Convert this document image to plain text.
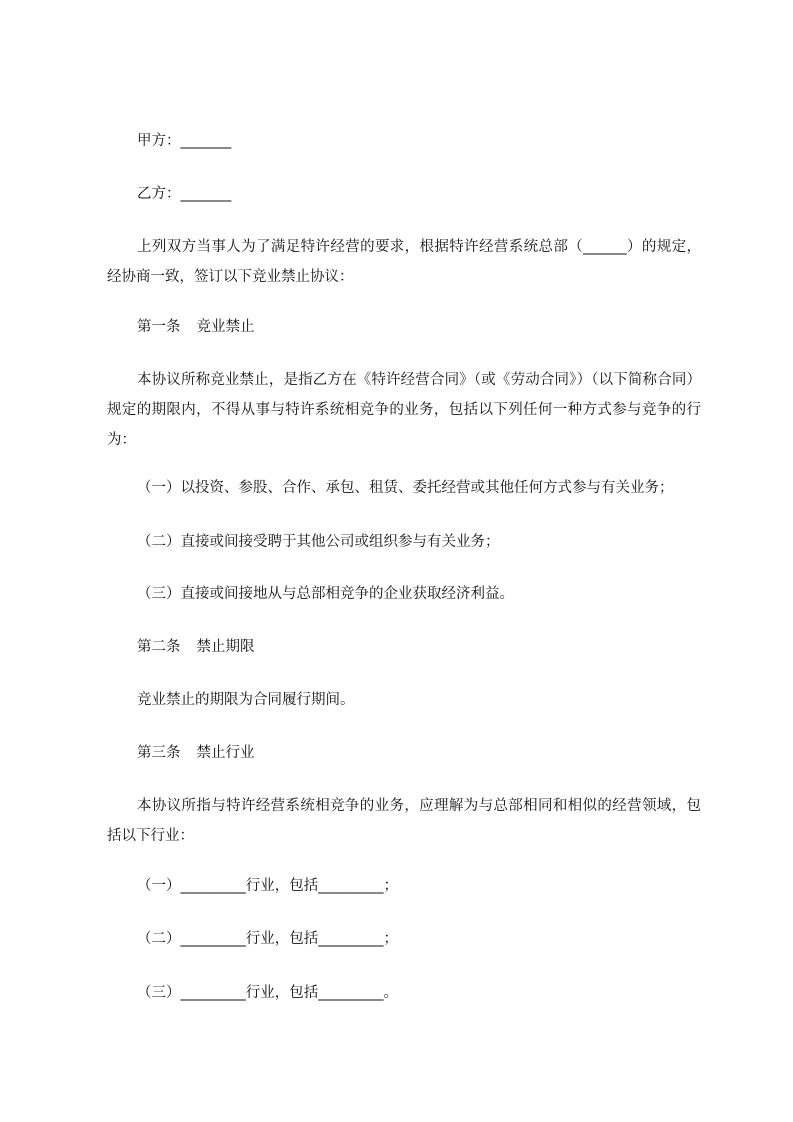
甲方：_______
乙方：_______
上列双方当事人为了满足特许经营的要求，根据特许经营系统总部（______）的规定，经协商一致，签订以下竞业禁止协议：
第一条 竞业禁止
本协议所称竞业禁止，是指乙方在《特许经营合同》（或《劳动合同》）（以下简称合同）规定的期限内，不得从事与特许系统相竞争的业务，包括以下列任何一种方式参与竞争的行为：
（一）以投资、参股、合作、承包、租赁、委托经营或其他任何方式参与有关业务；
（二）直接或间接受聘于其他公司或组织参与有关业务；
（三）直接或间接地从与总部相竞争的企业获取经济利益。
第二条 禁止期限
竞业禁止的期限为合同履行期间。
第三条 禁止行业
本协议所指与特许经营系统相竞争的业务，应理解为与总部相同和相似的经营领域，包括以下行业：
（一）_________行业，包括_________；
（二）_________行业，包括_________；
（三）_________行业，包括_________。
